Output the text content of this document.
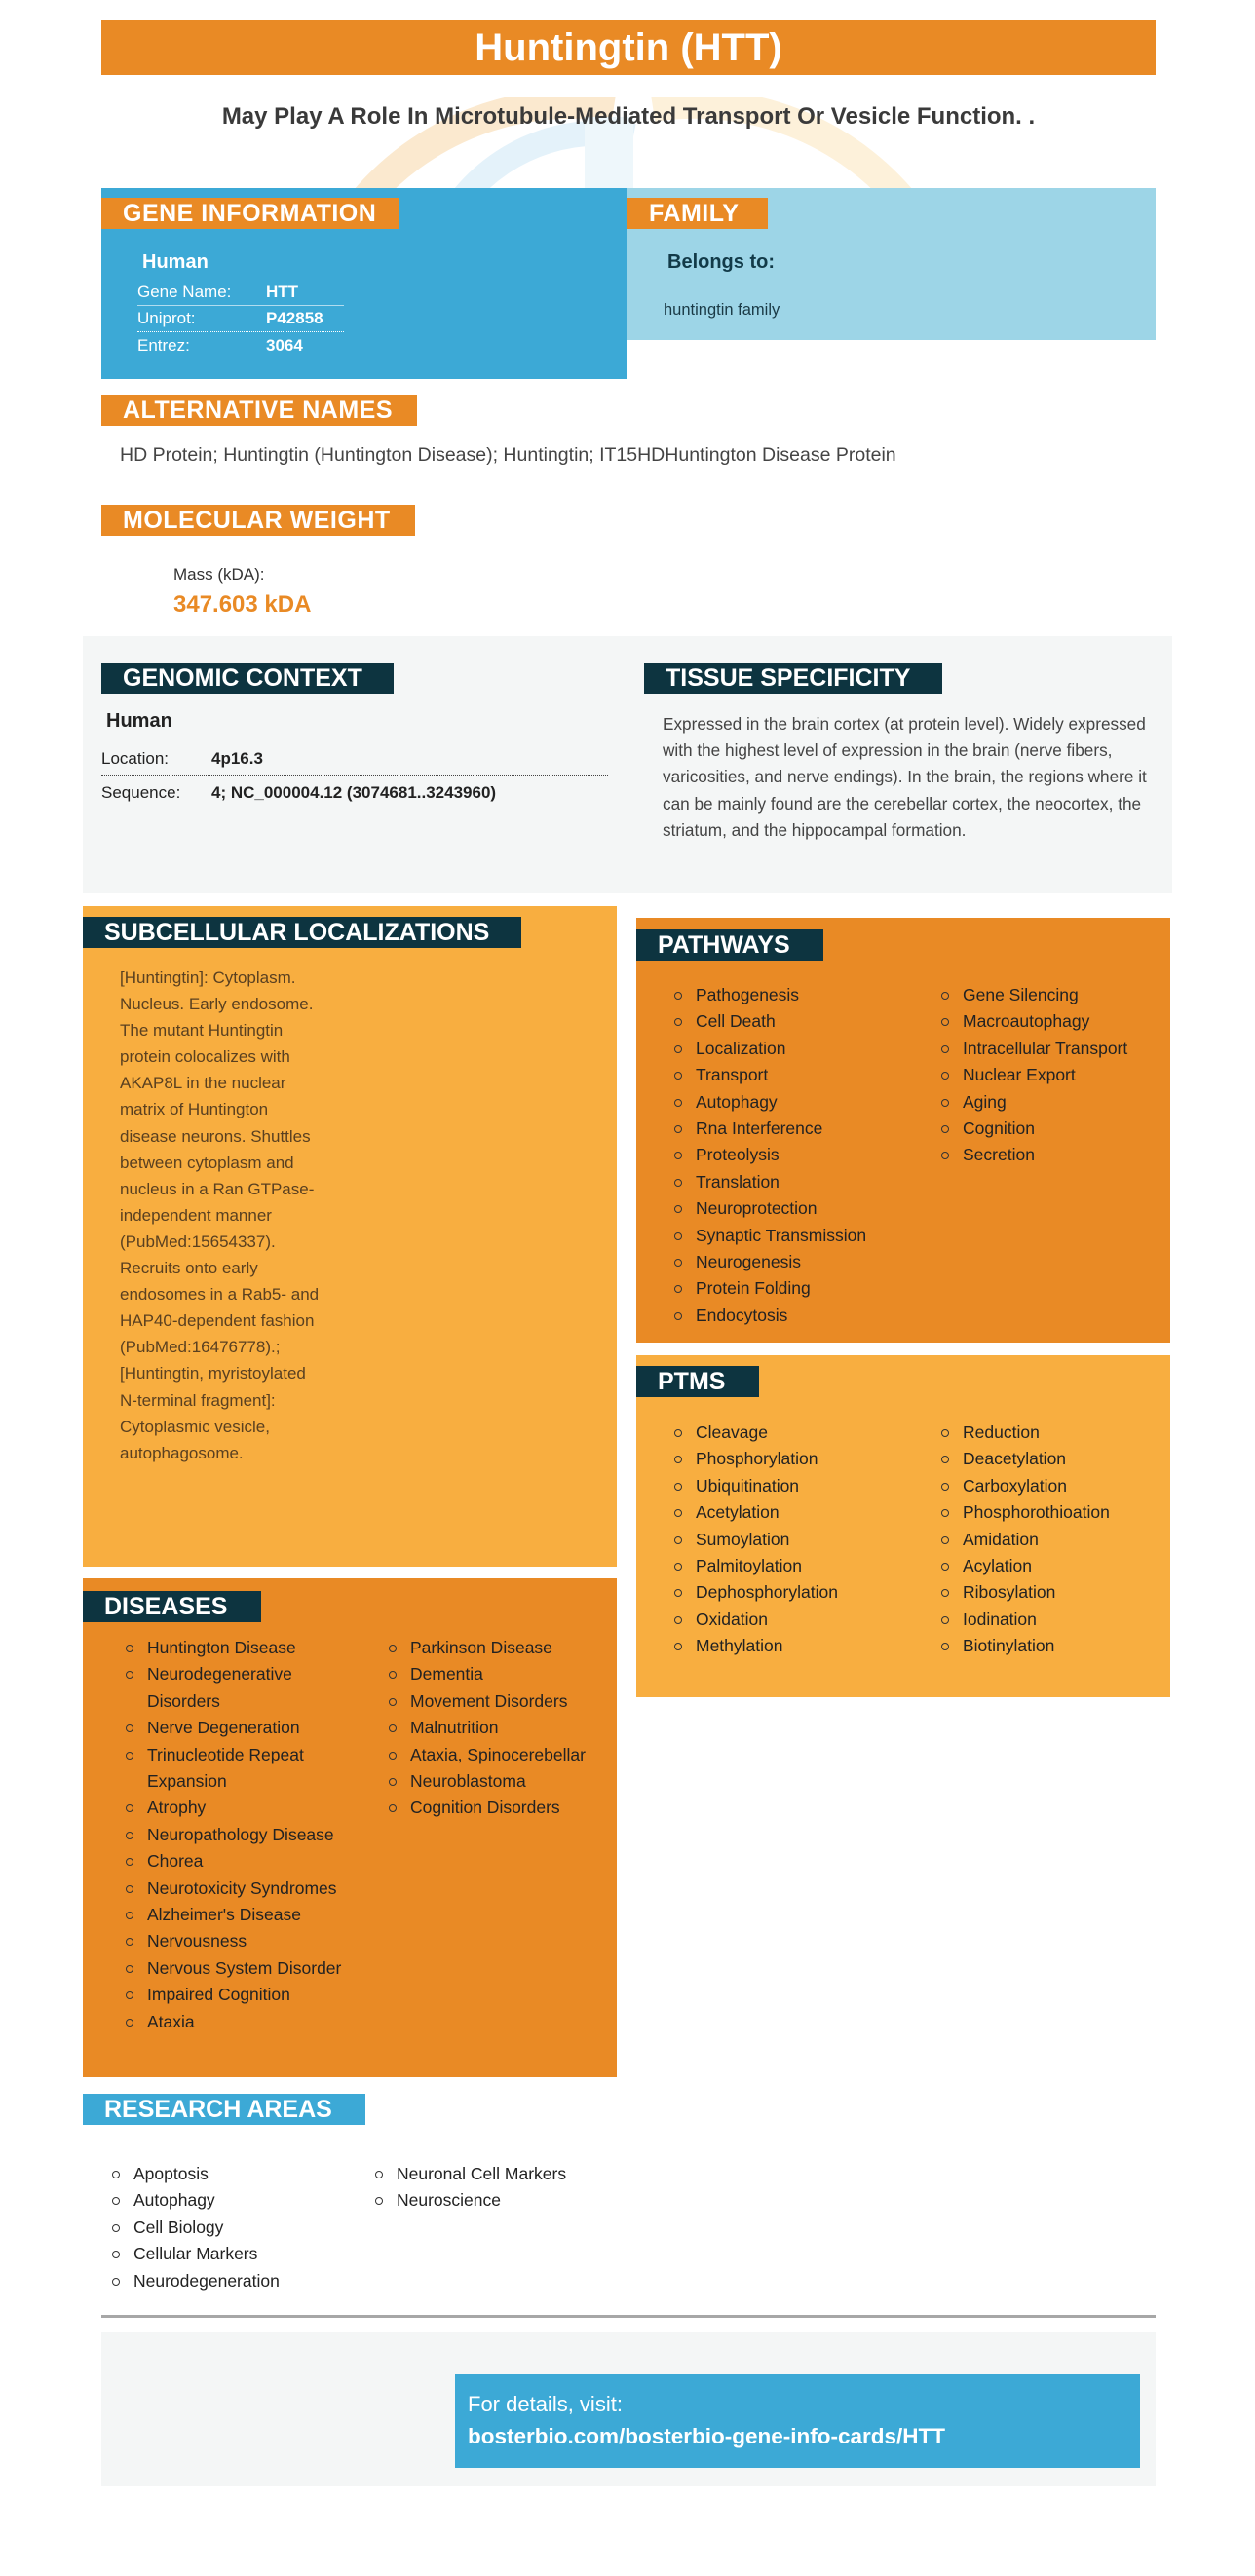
Huntingtin (HTT)
May Play A Role In Microtubule-Mediated Transport Or Vesicle Function. .
GENE INFORMATION
Human
Gene Name: HTT
Uniprot:	P42858
Entrez:	3064
FAMILY
Belongs to:
huntingtin family
ALTERNATIVE NAMES
HD Protein; Huntingtin (Huntington Disease); Huntingtin; IT15HDHuntington Disease Protein
MOLECULAR WEIGHT
Mass (kDA):
347.603 kDA
GENOMIC CONTEXT
Human
Location:	4p16.3
Sequence: 4; NC_000004.12 (3074681..3243960)
TISSUE SPECIFICITY
Expressed in the brain cortex (at protein level). Widely expressed with the highest level of expression in the brain (nerve fibers, varicosities, and nerve endings). In the brain, the regions where it can be mainly found are the cerebellar cortex, the neocortex, the striatum, and the hippocampal formation.
SUBCELLULAR LOCALIZATIONS
[Huntingtin]: Cytoplasm. Nucleus. Early endosome. The mutant Huntingtin protein colocalizes with AKAP8L in the nuclear matrix of Huntington disease neurons. Shuttles between cytoplasm and nucleus in a Ran GTPase-independent manner (PubMed:15654337). Recruits onto early endosomes in a Rab5- and HAP40-dependent fashion (PubMed:16476778).; [Huntingtin, myristoylated N-terminal fragment]: Cytoplasmic vesicle, autophagosome.
DISEASES
Huntington Disease
Neurodegenerative Disorders
Nerve Degeneration
Trinucleotide Repeat Expansion
Atrophy
Neuropathology Disease
Chorea
Neurotoxicity Syndromes
Alzheimer's Disease
Nervousness
Nervous System Disorder
Impaired Cognition
Ataxia
Parkinson Disease
Dementia
Movement Disorders
Malnutrition
Ataxia, Spinocerebellar
Neuroblastoma
Cognition Disorders
PATHWAYS
Pathogenesis
Cell Death
Localization
Transport
Autophagy
Rna Interference
Proteolysis
Translation
Neuroprotection
Synaptic Transmission
Neurogenesis
Protein Folding
Endocytosis
Gene Silencing
Macroautophagy
Intracellular Transport
Nuclear Export
Aging
Cognition
Secretion
PTMS
Cleavage
Phosphorylation
Ubiquitination
Acetylation
Sumoylation
Palmitoylation
Dephosphorylation
Oxidation
Methylation
Reduction
Deacetylation
Carboxylation
Phosphorothioation
Amidation
Acylation
Ribosylation
Iodination
Biotinylation
RESEARCH AREAS
Apoptosis
Autophagy
Cell Biology
Cellular Markers
Neurodegeneration
Neuronal Cell Markers
Neuroscience
For details, visit:
bosterbio.com/bosterbio-gene-info-cards/HTT
